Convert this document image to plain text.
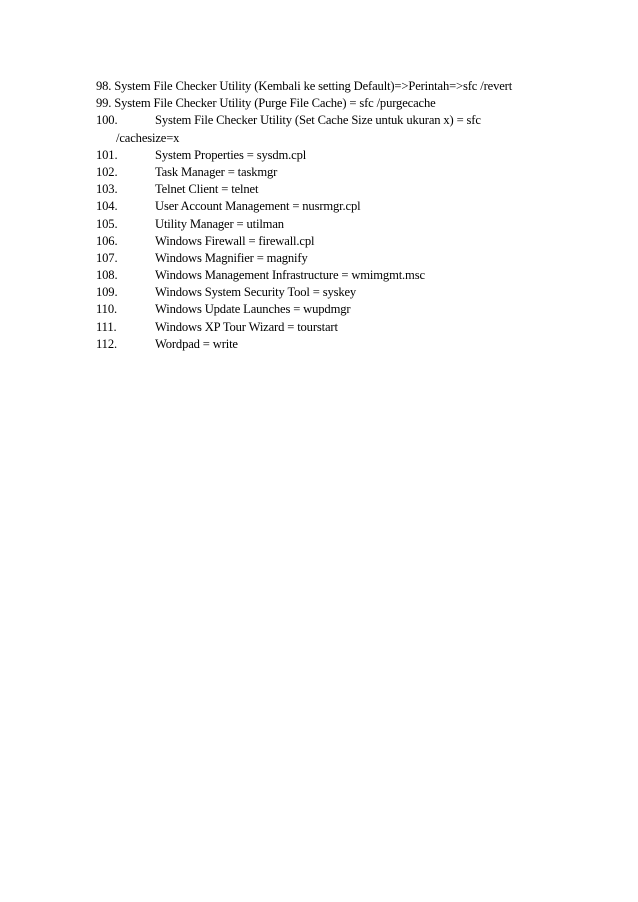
98. System File Checker Utility (Kembali ke setting Default)=>Perintah=>sfc /revert
99. System File Checker Utility (Purge File Cache) = sfc /purgecache
100.	System File Checker Utility (Set Cache Size untuk ukuran x) = sfc
/cachesize=x
101.	System Properties = sysdm.cpl
102.	Task Manager = taskmgr
103.	Telnet Client = telnet
104.	User Account Management = nusrmgr.cpl
105.	Utility Manager = utilman
106.	Windows Firewall = firewall.cpl
107.	Windows Magnifier = magnify
108.	Windows Management Infrastructure = wmimgmt.msc
109.	Windows System Security Tool = syskey
110.	Windows Update Launches = wupdmgr
111.	Windows XP Tour Wizard = tourstart
112.	Wordpad = write
